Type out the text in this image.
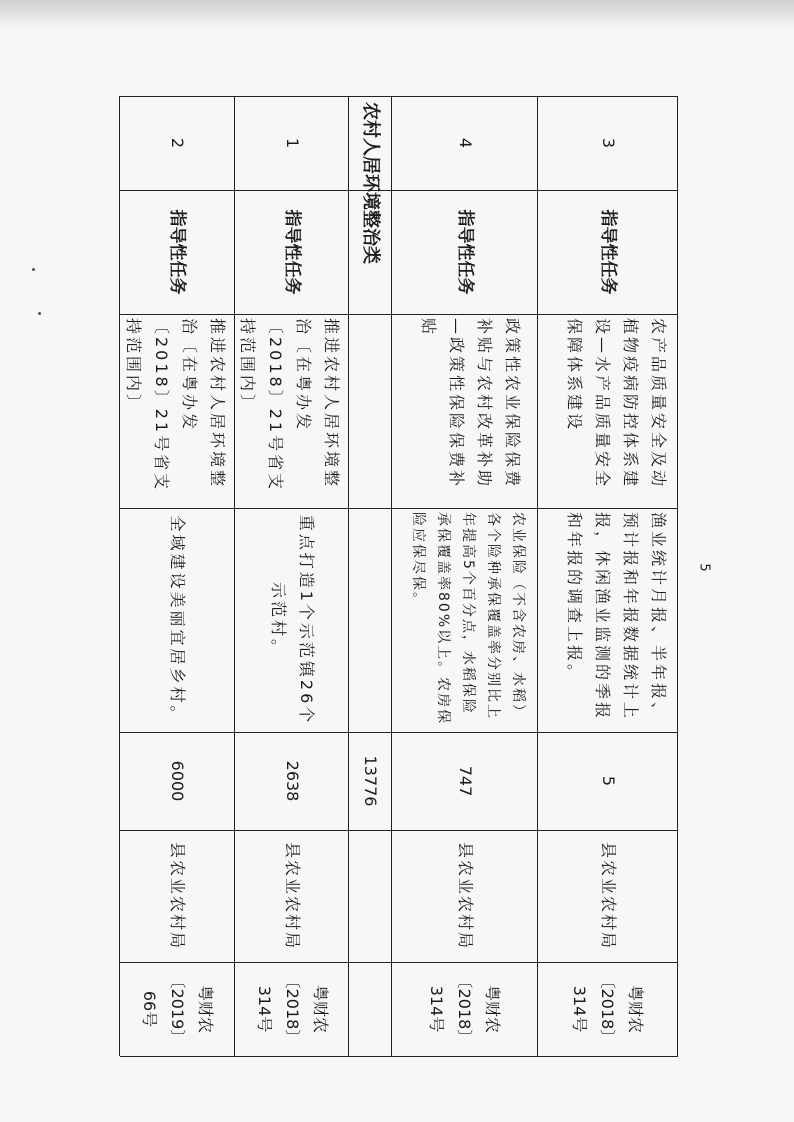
3
指导性任务
农产品质量安全及动植物疫病防控体系建设—水产品质量安全保障体系建设
渔业统计月报、半年报、预计报和年报数据统计上报，休闲渔业监测的季报和年报的调查上报。
5
县农业农村局
粤财农〔2018〕314号
4
指导性任务
政策性农业保险保费补贴与农村改革补助—政策性保险保费补贴
农业保险（不含农房、水稻）各个险种承保覆盖率分别比上年提高5个百分点，水稻保险承保覆盖率80%以上。农房保险应保尽保。
747
县农业农村局
粤财农〔2018〕314号
农村人居环境整治类
13776
1
指导性任务
推进农村人居环境整治〔在粤办发〔2018〕21号省支持范围内〕
重点打造1个示范镇26个示范村。
2638
县农业农村局
粤财农〔2018〕314号
2
指导性任务
推进农村人居环境整治〔在粤办发〔2018〕21号省支持范围内〕
全域建设美丽宜居乡村。
6000
县农业农村局
粤财农〔2019〕66号
5
